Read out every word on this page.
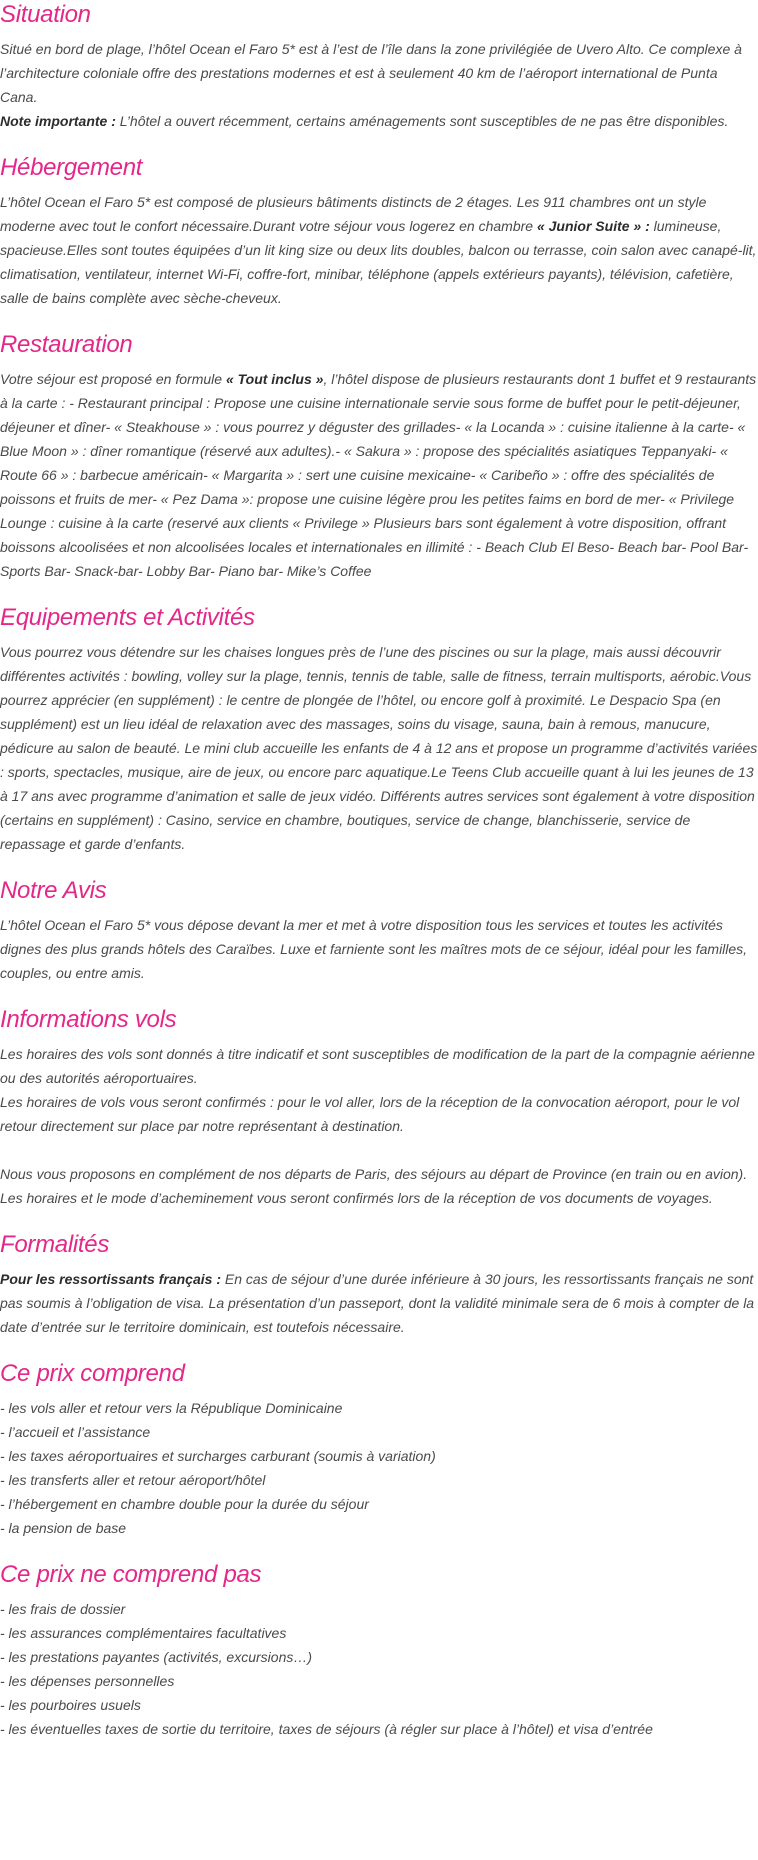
Situation
Situé en bord de plage, l’hôtel Ocean el Faro 5* est à l’est de l’île dans la zone privilégiée de Uvero Alto. Ce complexe à l’architecture coloniale offre des prestations modernes et est à seulement 40 km de l’aéroport international de Punta Cana.
Note importante : L’hôtel a ouvert récemment, certains aménagements sont susceptibles de ne pas être disponibles.
Hébergement
L’hôtel Ocean el Faro 5* est composé de plusieurs bâtiments distincts de 2 étages. Les 911 chambres ont un style moderne avec tout le confort nécessaire.Durant votre séjour vous logerez en chambre « Junior Suite » : lumineuse, spacieuse.Elles sont toutes équipées d’un lit king size ou deux lits doubles, balcon ou terrasse, coin salon avec canapé-lit, climatisation, ventilateur, internet Wi-Fi, coffre-fort, minibar, téléphone (appels extérieurs payants), télévision, cafetière, salle de bains complète avec sèche-cheveux.
Restauration
Votre séjour est proposé en formule « Tout inclus », l’hôtel dispose de plusieurs restaurants dont 1 buffet et 9 restaurants à la carte : - Restaurant principal : Propose une cuisine internationale servie sous forme de buffet pour le petit-déjeuner, déjeuner et dîner- « Steakhouse » : vous pourrez y déguster des grillades- « la Locanda » : cuisine italienne à la carte- « Blue Moon » : dîner romantique (réservé aux adultes).- « Sakura » : propose des spécialités asiatiques Teppanyaki- « Route 66 » : barbecue américain- « Margarita » : sert une cuisine mexicaine- « Caribeño » : offre des spécialités de poissons et fruits de mer- « Pez Dama »: propose une cuisine légère prou les petites faims en bord de mer- « Privilege Lounge : cuisine à la carte (reservé aux clients « Privilege » Plusieurs bars sont également à votre disposition, offrant boissons alcoolisées et non alcoolisées locales et internationales en illimité : - Beach Club El Beso- Beach bar- Pool Bar- Sports Bar- Snack-bar- Lobby Bar- Piano bar- Mike’s Coffee
Equipements et Activités
Vous pourrez vous détendre sur les chaises longues près de l’une des piscines ou sur la plage, mais aussi découvrir différentes activités : bowling, volley sur la plage, tennis, tennis de table, salle de fitness, terrain multisports, aérobic.Vous pourrez apprécier (en supplément) : le centre de plongée de l’hôtel, ou encore golf à proximité. Le Despacio Spa (en supplément) est un lieu idéal de relaxation avec des massages, soins du visage, sauna, bain à remous, manucure, pédicure au salon de beauté. Le mini club accueille les enfants de 4 à 12 ans et propose un programme d’activités variées : sports, spectacles, musique, aire de jeux, ou encore parc aquatique.Le Teens Club accueille quant à lui les jeunes de 13 à 17 ans avec programme d’animation et salle de jeux vidéo. Différents autres services sont également à votre disposition (certains en supplément) : Casino, service en chambre, boutiques, service de change, blanchisserie, service de repassage et garde d’enfants.
Notre Avis
L’hôtel Ocean el Faro 5* vous dépose devant la mer et met à votre disposition tous les services et toutes les activités dignes des plus grands hôtels des Caraïbes. Luxe et farniente sont les maîtres mots de ce séjour, idéal pour les familles, couples, ou entre amis.
Informations vols
Les horaires des vols sont donnés à titre indicatif et sont susceptibles de modification de la part de la compagnie aérienne ou des autorités aéroportuaires.
Les horaires de vols vous seront confirmés : pour le vol aller, lors de la réception de la convocation aéroport, pour le vol retour directement sur place par notre représentant à destination.
Nous vous proposons en complément de nos départs de Paris, des séjours au départ de Province (en train ou en avion).
Les horaires et le mode d’acheminement vous seront confirmés lors de la réception de vos documents de voyages.
Formalités
Pour les ressortissants français : En cas de séjour d’une durée inférieure à 30 jours, les ressortissants français ne sont pas soumis à l’obligation de visa. La présentation d’un passeport, dont la validité minimale sera de 6 mois à compter de la date d’entrée sur le territoire dominicain, est toutefois nécessaire.
Ce prix comprend
- les vols aller et retour vers la République Dominicaine
- l’accueil et l’assistance
- les taxes aéroportuaires et surcharges carburant (soumis à variation)
- les transferts aller et retour aéroport/hôtel
- l’hébergement en chambre double pour la durée du séjour
- la pension de base
Ce prix ne comprend pas
- les frais de dossier
- les assurances complémentaires facultatives
- les prestations payantes (activités, excursions…)
- les dépenses personnelles
- les pourboires usuels
- les éventuelles taxes de sortie du territoire, taxes de séjours (à régler sur place à l’hôtel) et visa d’entrée
